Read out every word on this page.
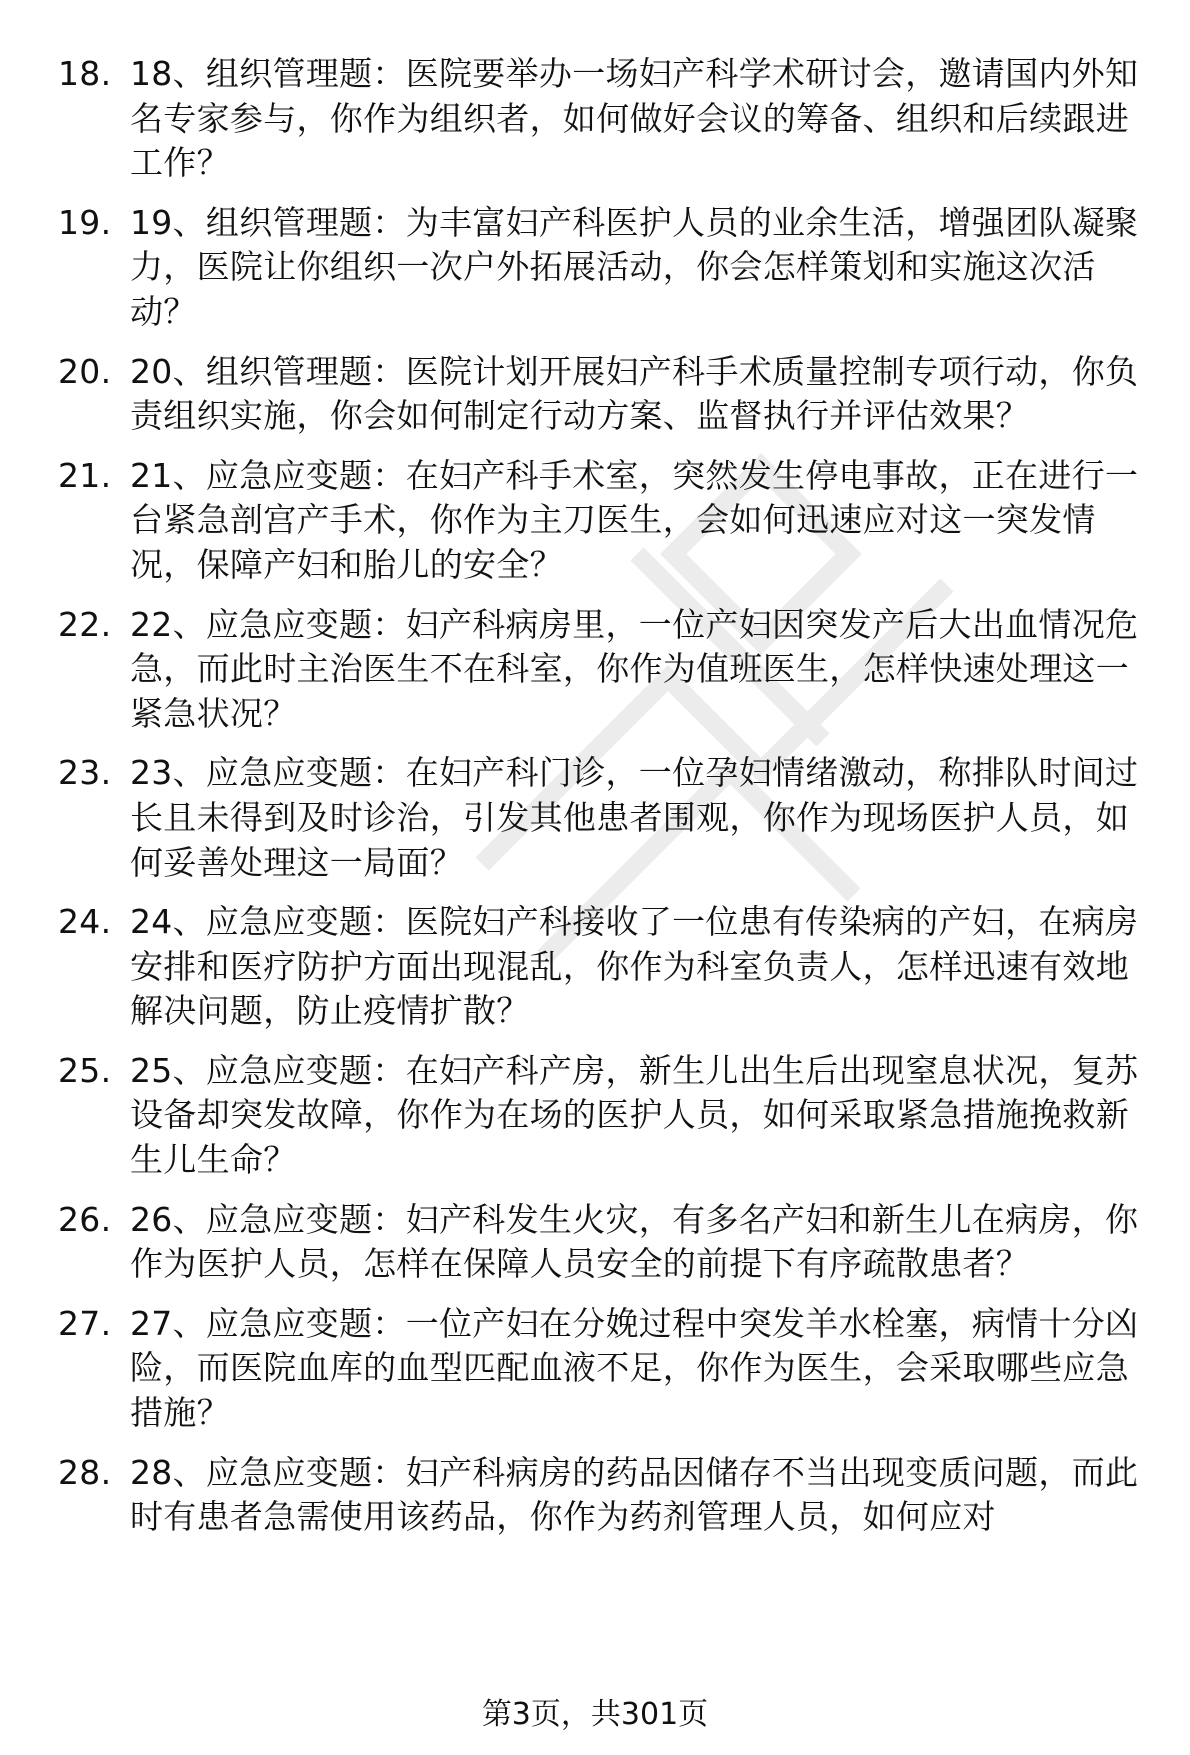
18. 18、组织管理题：医院要举办一场妇产科学术研讨会，邀请国内外知名专家参与，你作为组织者，如何做好会议的筹备、组织和后续跟进工作？
19. 19、组织管理题：为丰富妇产科医护人员的业余生活，增强团队凝聚力，医院让你组织一次户外拓展活动，你会怎样策划和实施这次活动？
20. 20、组织管理题：医院计划开展妇产科手术质量控制专项行动，你负责组织实施，你会如何制定行动方案、监督执行并评估效果？
21. 21、应急应变题：在妇产科手术室，突然发生停电事故，正在进行一台紧急剖宫产手术，你作为主刀医生，会如何迅速应对这一突发情况，保障产妇和胎儿的安全？
22. 22、应急应变题：妇产科病房里，一位产妇因突发产后大出血情况危急，而此时主治医生不在科室，你作为值班医生，怎样快速处理这一紧急状况？
23. 23、应急应变题：在妇产科门诊，一位孕妇情绪激动，称排队时间过长且未得到及时诊治，引发其他患者围观，你作为现场医护人员，如何妥善处理这一局面？
24. 24、应急应变题：医院妇产科接收了一位患有传染病的产妇，在病房安排和医疗防护方面出现混乱，你作为科室负责人，怎样迅速有效地解决问题，防止疫情扩散？
25. 25、应急应变题：在妇产科产房，新生儿出生后出现窒息状况，复苏设备却突发故障，你作为在场的医护人员，如何采取紧急措施挽救新生儿生命？
26. 26、应急应变题：妇产科发生火灾，有多名产妇和新生儿在病房，你作为医护人员，怎样在保障人员安全的前提下有序疏散患者？
27. 27、应急应变题：一位产妇在分娩过程中突发羊水栓塞，病情十分凶险，而医院血库的血型匹配血液不足，你作为医生，会采取哪些应急措施？
28. 28、应急应变题：妇产科病房的药品因储存不当出现变质问题，而此时有患者急需使用该药品，你作为药剂管理人员，如何应对
第3页，共301页
